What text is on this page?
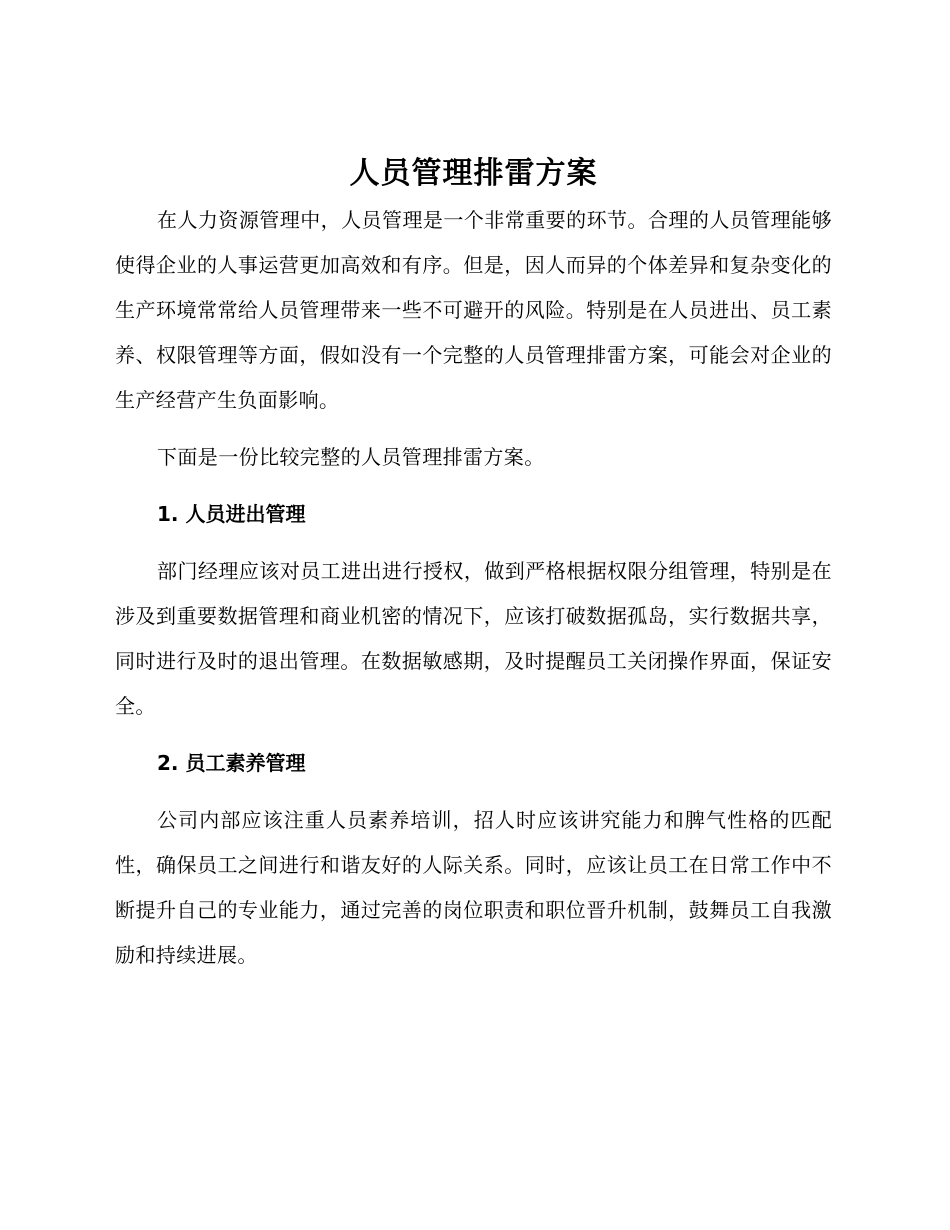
人员管理排雷方案

在人力资源管理中，人员管理是一个非常重要的环节。合理的人员管理能够使得企业的人事运营更加高效和有序。但是，因人而异的个体差异和复杂变化的生产环境常常给人员管理带来一些不可避开的风险。特别是在人员进出、员工素养、权限管理等方面，假如没有一个完整的人员管理排雷方案，可能会对企业的生产经营产生负面影响。

下面是一份比较完整的人员管理排雷方案。

1. 人员进出管理

部门经理应该对员工进出进行授权，做到严格根据权限分组管理，特别是在涉及到重要数据管理和商业机密的情况下，应该打破数据孤岛，实行数据共享，同时进行及时的退出管理。在数据敏感期，及时提醒员工关闭操作界面，保证安全。

2. 员工素养管理

公司内部应该注重人员素养培训，招人时应该讲究能力和脾气性格的匹配性，确保员工之间进行和谐友好的人际关系。同时，应该让员工在日常工作中不断提升自己的专业能力，通过完善的岗位职责和职位晋升机制，鼓舞员工自我激励和持续进展。
